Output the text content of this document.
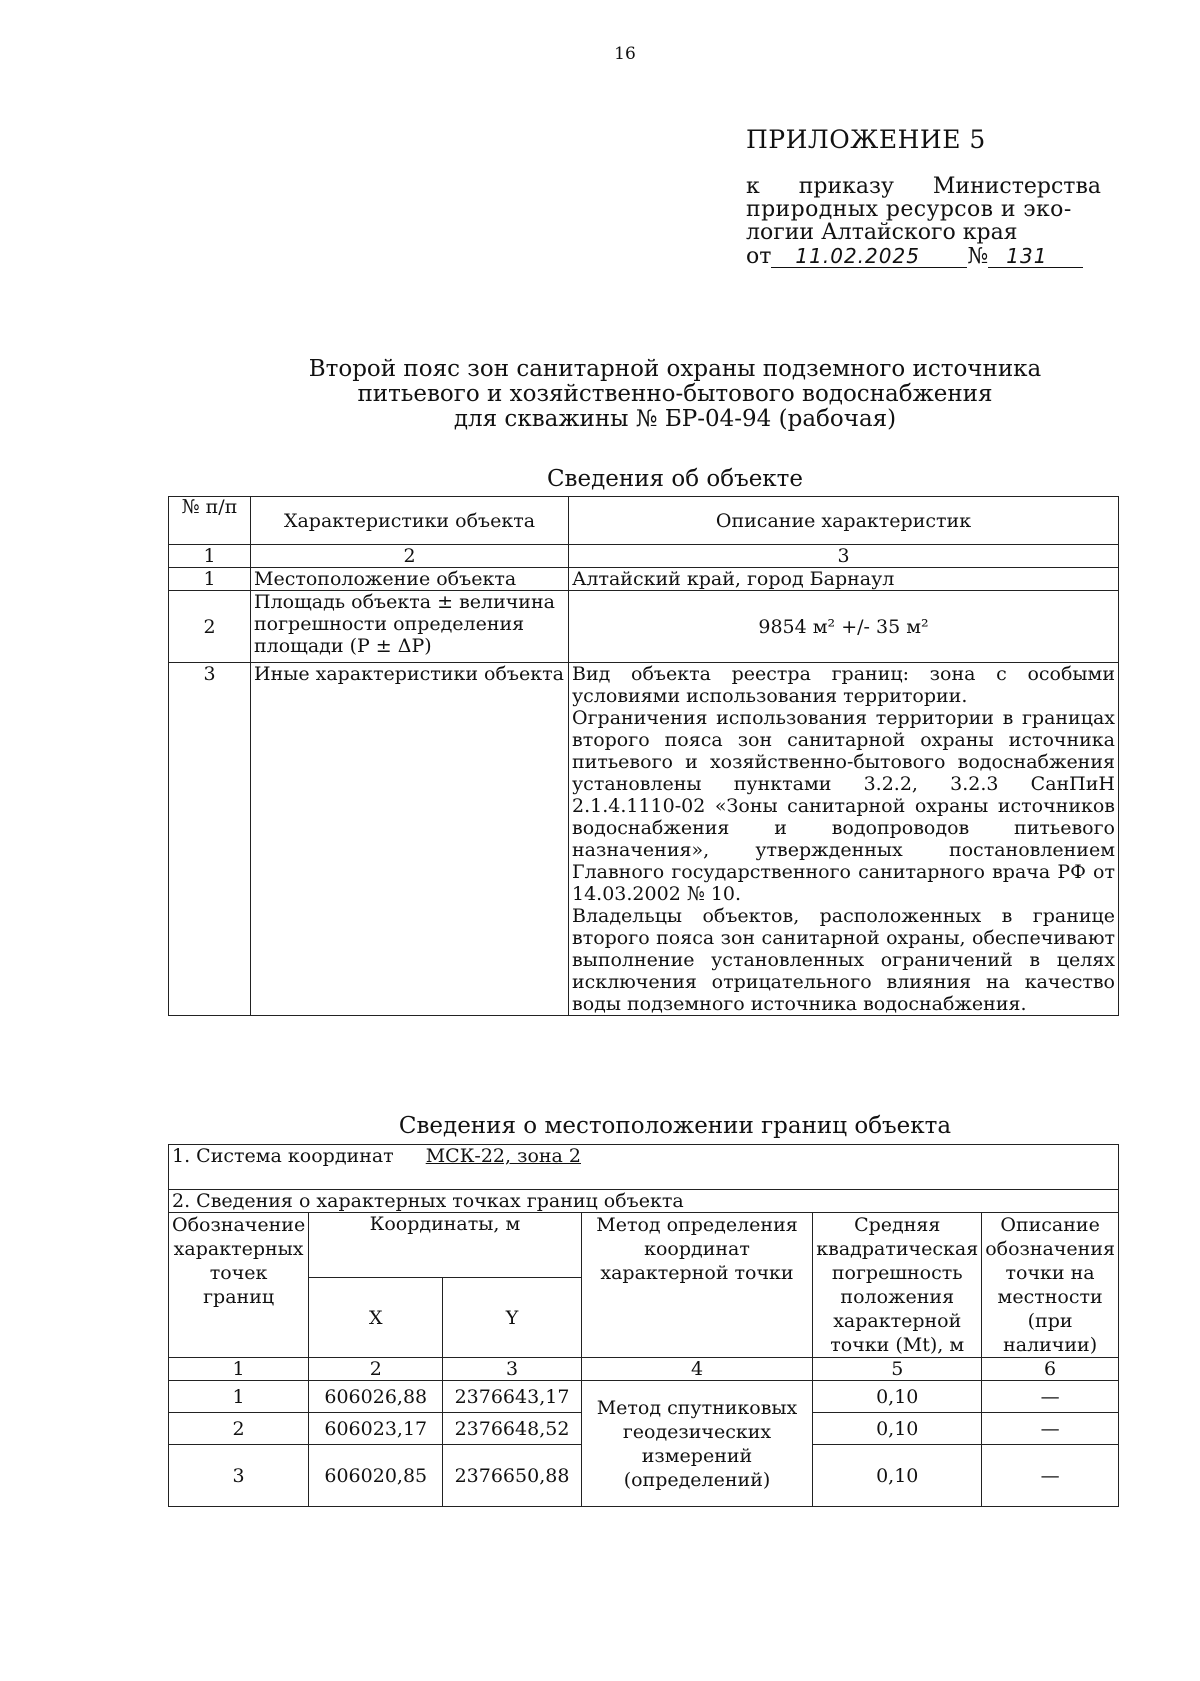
16
ПРИЛОЖЕНИЕ 5
к приказу Министерства
природных ресурсов и эко-
логии Алтайского края
от 11.02.2025 № 131
Второй пояс зон санитарной охраны подземного источника
питьевого и хозяйственно-бытового водоснабжения
для скважины № БР-04-94 (рабочая)
Сведения об объекте
№ п/п	Характеристики объекта	Описание характеристик
1	2	3
1	Местоположение объекта	Алтайский край, город Барнаул
2	Площадь объекта ± величина погрешности определения площади (Р ± ΔР)	9854 м² +/- 35 м²
3	Иные характеристики объекта	Вид объекта реестра границ: зона с особыми условиями использования территории.

Ограничения использования территории в границах второго пояса зон санитарной охраны источника питьевого и хозяйственно-бытового водоснабжения установлены пунктами 3.2.2, 3.2.3 СанПиН 2.1.4.1110-02 «Зоны санитарной охраны источников водоснабжения и водопроводов питьевого назначения», утвержденных постановлением Главного государственного санитарного врача РФ от 14.03.2002 № 10.

Владельцы объектов, расположенных в границе второго пояса зон санитарной охраны, обеспечивают выполнение установленных ограничений в целях исключения отрицательного влияния на качество воды подземного источника водоснабжения.

Сведения о местоположении границ объекта
1. Система координат МСК-22, зона 2					

2. Сведения о характерных точках границ объекта					
Обозначение характерных точек границ	Координаты, м		Метод определения координат характерной точки	Средняя квадратическая погрешность положения характерной точки (Mt), м	Описание обозначения точки на местности (при наличии)
	X	Y			
1	2	3	4	5	6
1	606026,88	2376643,17	Метод спутниковых геодезических измерений (определений)	0,10	—
2	606023,17	2376648,52		0,10	—
3	606020,85	2376650,88		0,10	—
